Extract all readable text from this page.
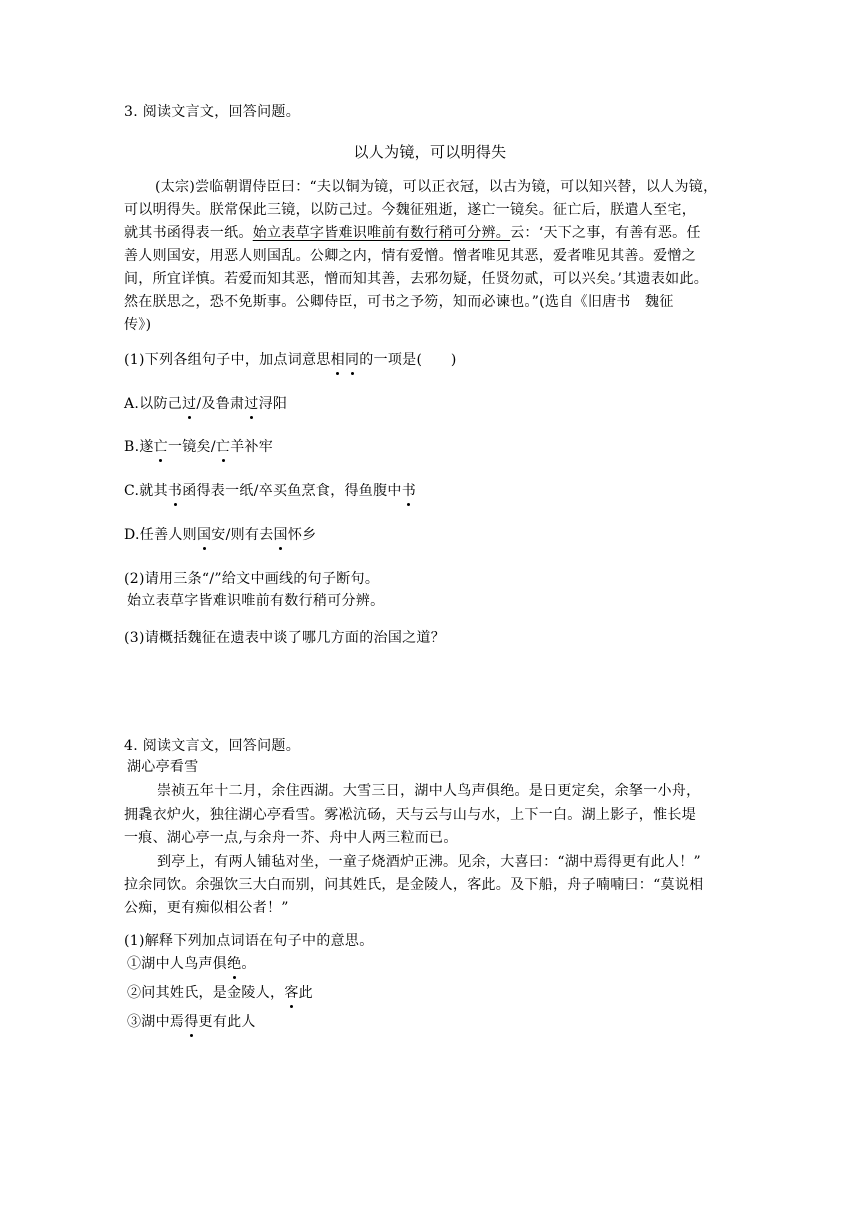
3. 阅读文言文，回答问题。
以人为镜，可以明得失
(太宗)尝临朝谓侍臣曰：“夫以铜为镜，可以正衣冠，以古为镜，可以知兴替，以人为镜，
可以明得失。朕常保此三镜，以防己过。今魏征殂逝，遂亡一镜矣。征亡后，朕遣人至宅，
就其书函得表一纸。始立表草字皆难识唯前有数行稍可分辨。云：‘天下之事，有善有恶。任
善人则国安，用恶人则国乱。公卿之内，情有爱憎。憎者唯见其恶，爱者唯见其善。爱憎之
间，所宜详慎。若爱而知其恶，憎而知其善，去邪勿疑，任贤勿贰，可以兴矣。’其遗表如此。
然在朕思之，恐不免斯事。公卿侍臣，可书之予笏，知而必谏也。”(选自《旧唐书　魏征
传》)
(1)下列各组句子中，加点词意思相同的一项是(　　)
A.以防己过/及鲁肃过浔阳
B.遂亡一镜矣/亡羊补牢
C.就其书函得表一纸/卒买鱼烹食，得鱼腹中书
D.任善人则国安/则有去国怀乡
(2)请用三条“/”给文中画线的句子断句。
始立表草字皆难识唯前有数行稍可分辨。
(3)请概括魏征在遗表中谈了哪几方面的治国之道？
4. 阅读文言文，回答问题。
湖心亭看雪
崇祯五年十二月，余住西湖。大雪三日，湖中人鸟声俱绝。是日更定矣，余拏一小舟，
拥毳衣炉火，独往湖心亭看雪。雾凇沆砀，天与云与山与水，上下一白。湖上影子，惟长堤
一痕、湖心亭一点,与余舟一芥、舟中人两三粒而已。
到亭上，有两人铺毡对坐，一童子烧酒炉正沸。见余，大喜曰：“湖中焉得更有此人！”
拉余同饮。余强饮三大白而别，问其姓氏，是金陵人，客此。及下船，舟子喃喃曰：“莫说相
公痴，更有痴似相公者！”
(1)解释下列加点词语在句子中的意思。
①湖中人鸟声俱绝。
②问其姓氏，是金陵人，客此
③湖中焉得更有此人
